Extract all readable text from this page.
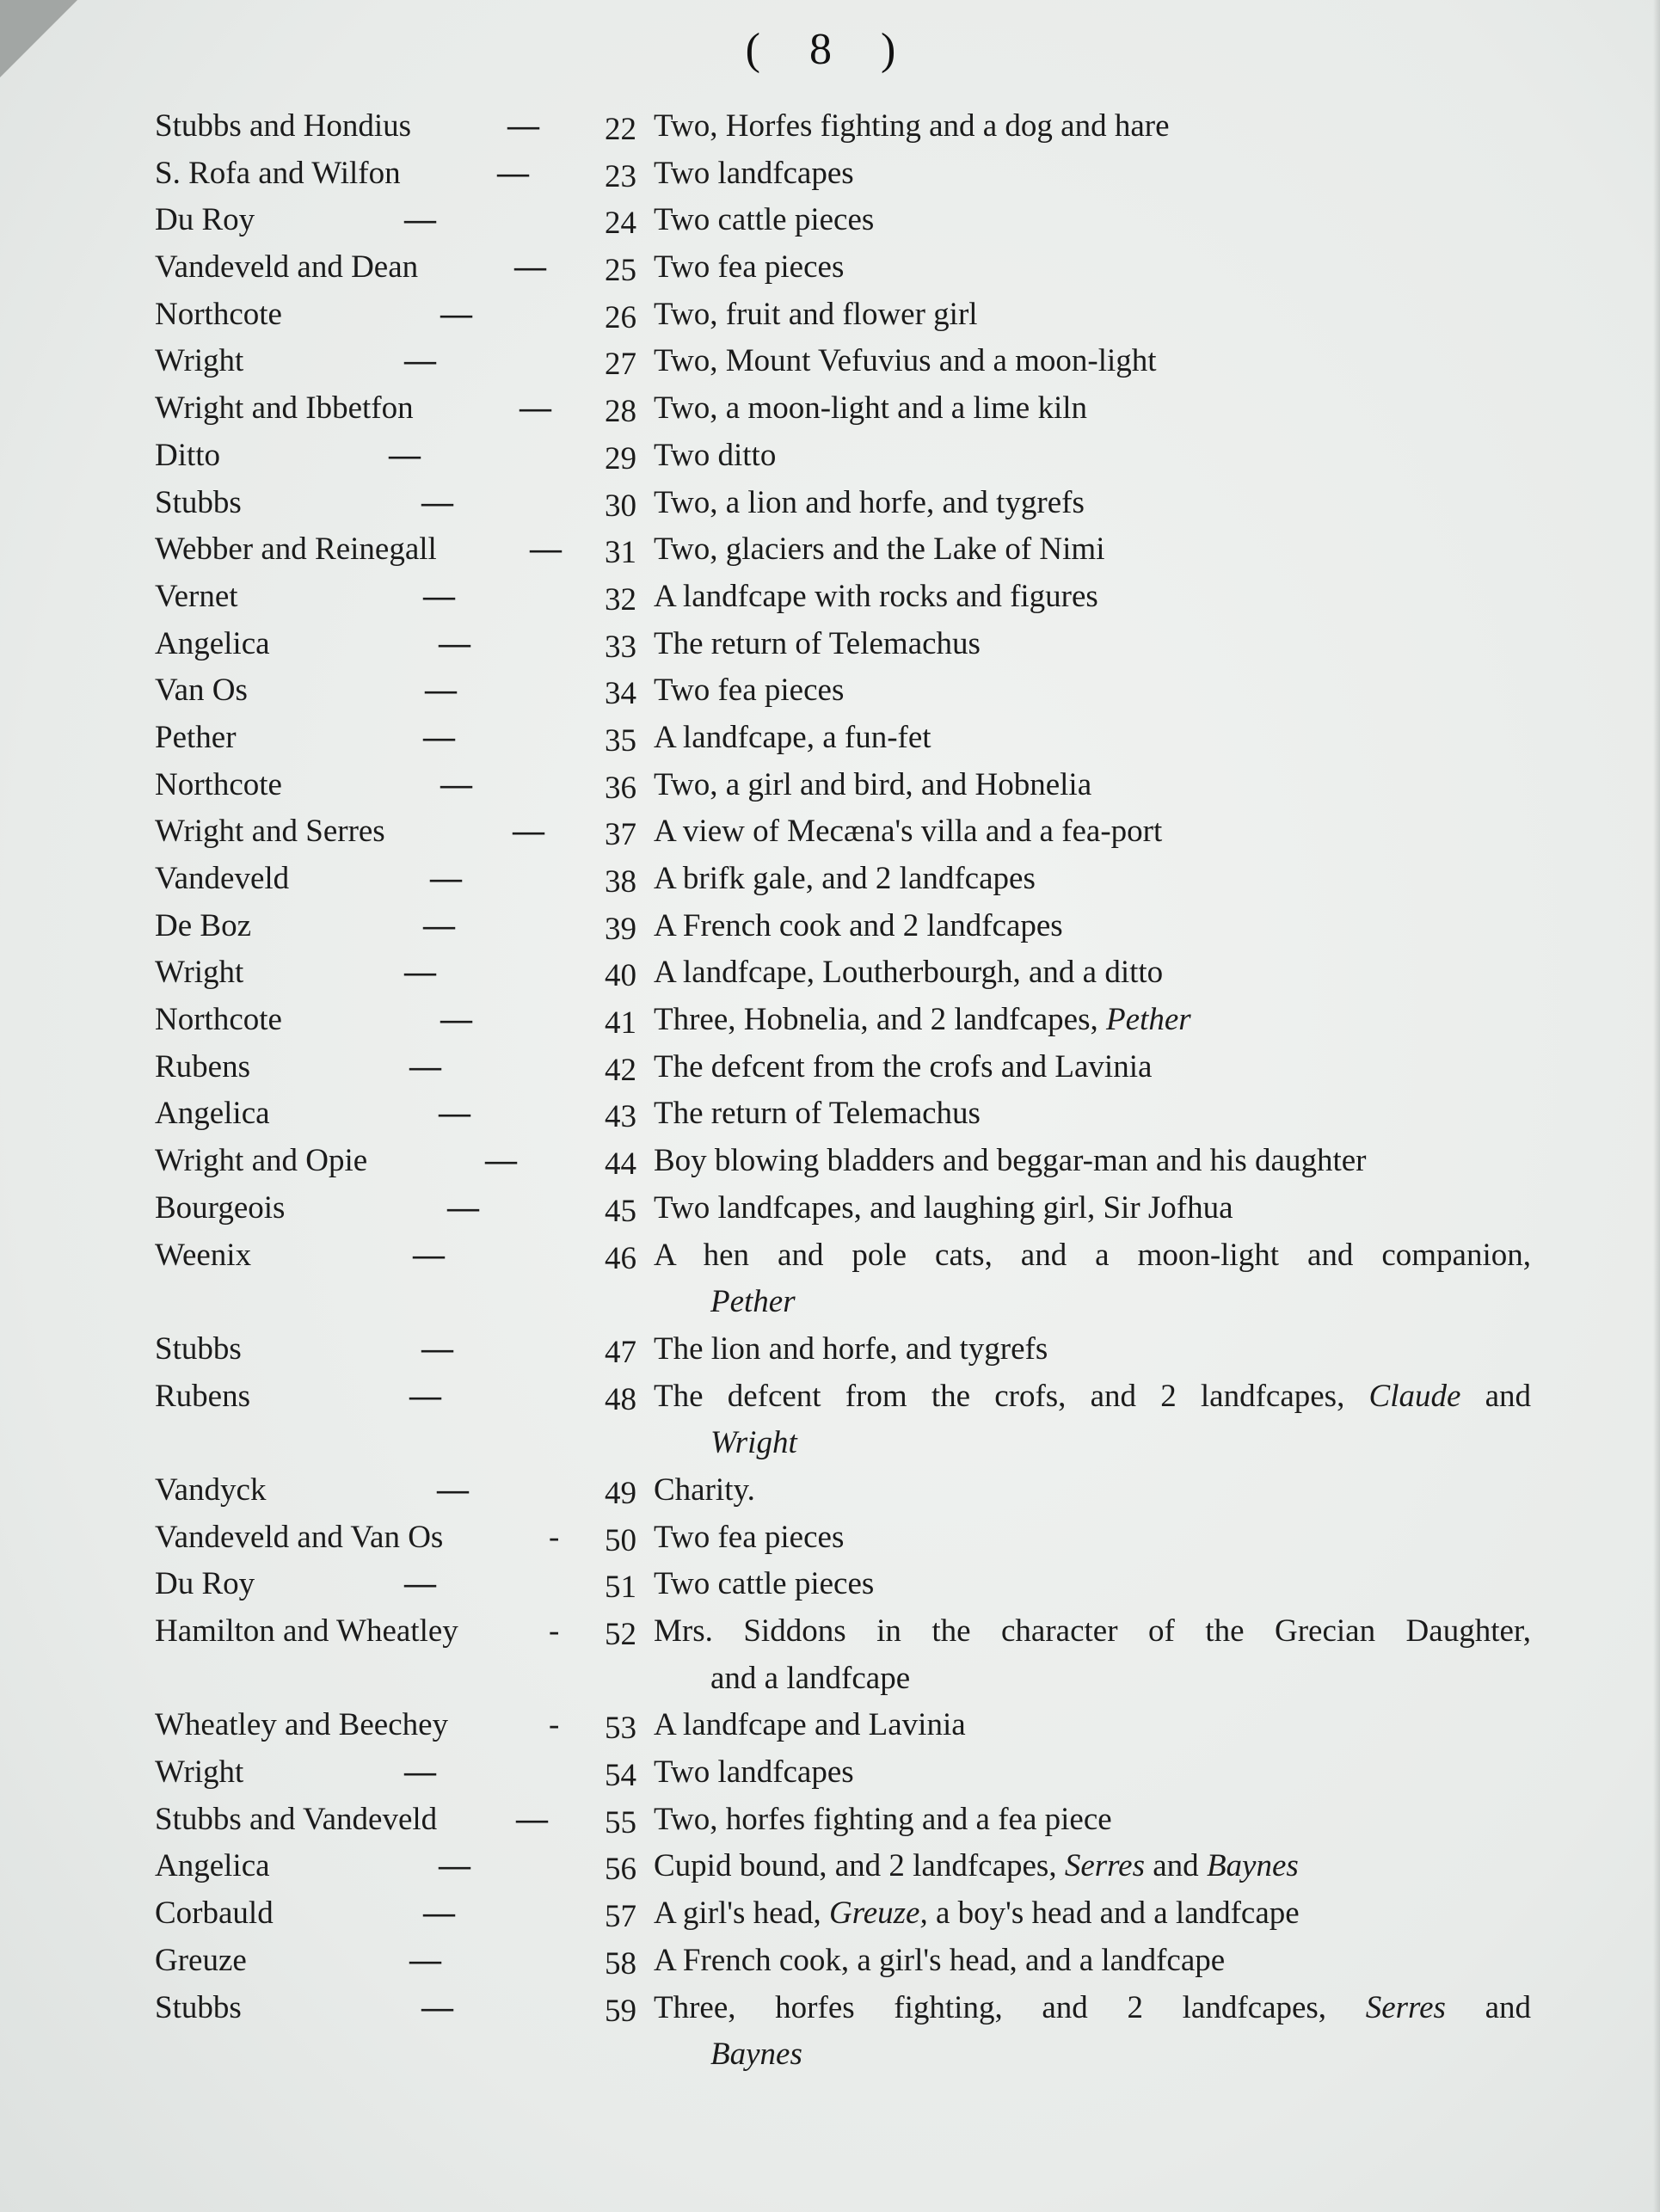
( 8 )
Stubbs and Hondius	—	22 Two, Horfes fighting and a dog and hare
S. Rofa and Wilfon	—	23 Two landfcapes
Du Roy	—	24 Two cattle pieces
Vandeveld and Dean	—	25 Two fea pieces
Northcote	—	26 Two, fruit and flower girl
Wright	—	27 Two, Mount Vefuvius and a moon-light
Wright and Ibbetfon	—	28 Two, a moon-light and a lime kiln
Ditto	—	29 Two ditto
Stubbs	—	30 Two, a lion and horfe, and tygrefs
Webber and Reinegall	—	31 Two, glaciers and the Lake of Nimi
Vernet	—	32 A landfcape with rocks and figures
Angelica	—	33 The return of Telemachus
Van Os	—	34 Two fea pieces
Pether	—	35 A landfcape, a fun-fet
Northcote	—	36 Two, a girl and bird, and Hobnelia
Wright and Serres	—	37 A view of Mecæna's villa and a fea-port
Vandeveld	—	38 A brifk gale, and 2 landfcapes
De Boz	—	39 A French cook and 2 landfcapes
Wright	—	40 A landfcape, Loutherbourgh, and a ditto
Northcote	—	41 Three, Hobnelia, and 2 landfcapes, Pether
Rubens	—	42 The defcent from the crofs and Lavinia
Angelica	—	43 The return of Telemachus
Wright and Opie	—	44 Boy blowing bladders and beggar-man and his daughter
Bourgeois	—	45 Two landfcapes, and laughing girl, Sir Jofhua
Weenix	—	46 A hen and pole cats, and a moon-light and companion,
Pether
Stubbs	—	47 The lion and horfe, and tygrefs
Rubens	—	48 The defcent from the crofs, and 2 landfcapes, Claude and
Wright
Vandyck	—	49 Charity.
Vandeveld and Van Os	-	50 Two fea pieces
Du Roy	—	51 Two cattle pieces
Hamilton and Wheatley	-	52 Mrs. Siddons in the character of the Grecian Daughter,
and a landfcape
Wheatley and Beechey	-	53 A landfcape and Lavinia
Wright	—	54 Two landfcapes
Stubbs and Vandeveld —	55 Two, horfes fighting and a fea piece
Angelica	—	56 Cupid bound, and 2 landfcapes, Serres and Baynes
Corbauld	—	57 A girl's head, Greuze, a boy's head and a landfcape
Greuze	—	58 A French cook, a girl's head, and a landfcape
Stubbs	—	59 Three, horfes fighting, and 2 landfcapes, Serres and
Baynes
